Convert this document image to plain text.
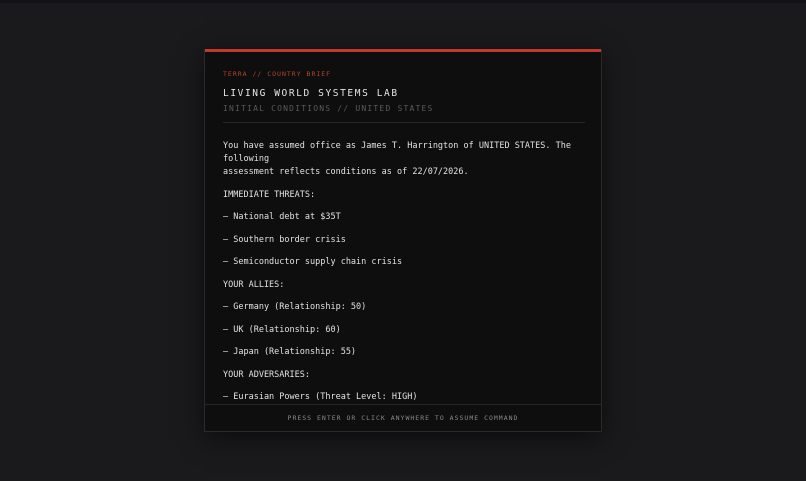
TERRA // COUNTRY BRIEF
LIVING WORLD SYSTEMS LAB
INITIAL CONDITIONS // UNITED STATES
You have assumed office as James T. Harrington of UNITED STATES. The following
assessment reflects conditions as of 22/07/2026.
IMMEDIATE THREATS:
— National debt at $35T
— Southern border crisis
— Semiconductor supply chain crisis
YOUR ALLIES:
— Germany (Relationship: 50)
— UK (Relationship: 60)
— Japan (Relationship: 55)
YOUR ADVERSARIES:
— Eurasian Powers (Threat Level: HIGH)
PRESS ENTER OR CLICK ANYWHERE TO ASSUME COMMAND
